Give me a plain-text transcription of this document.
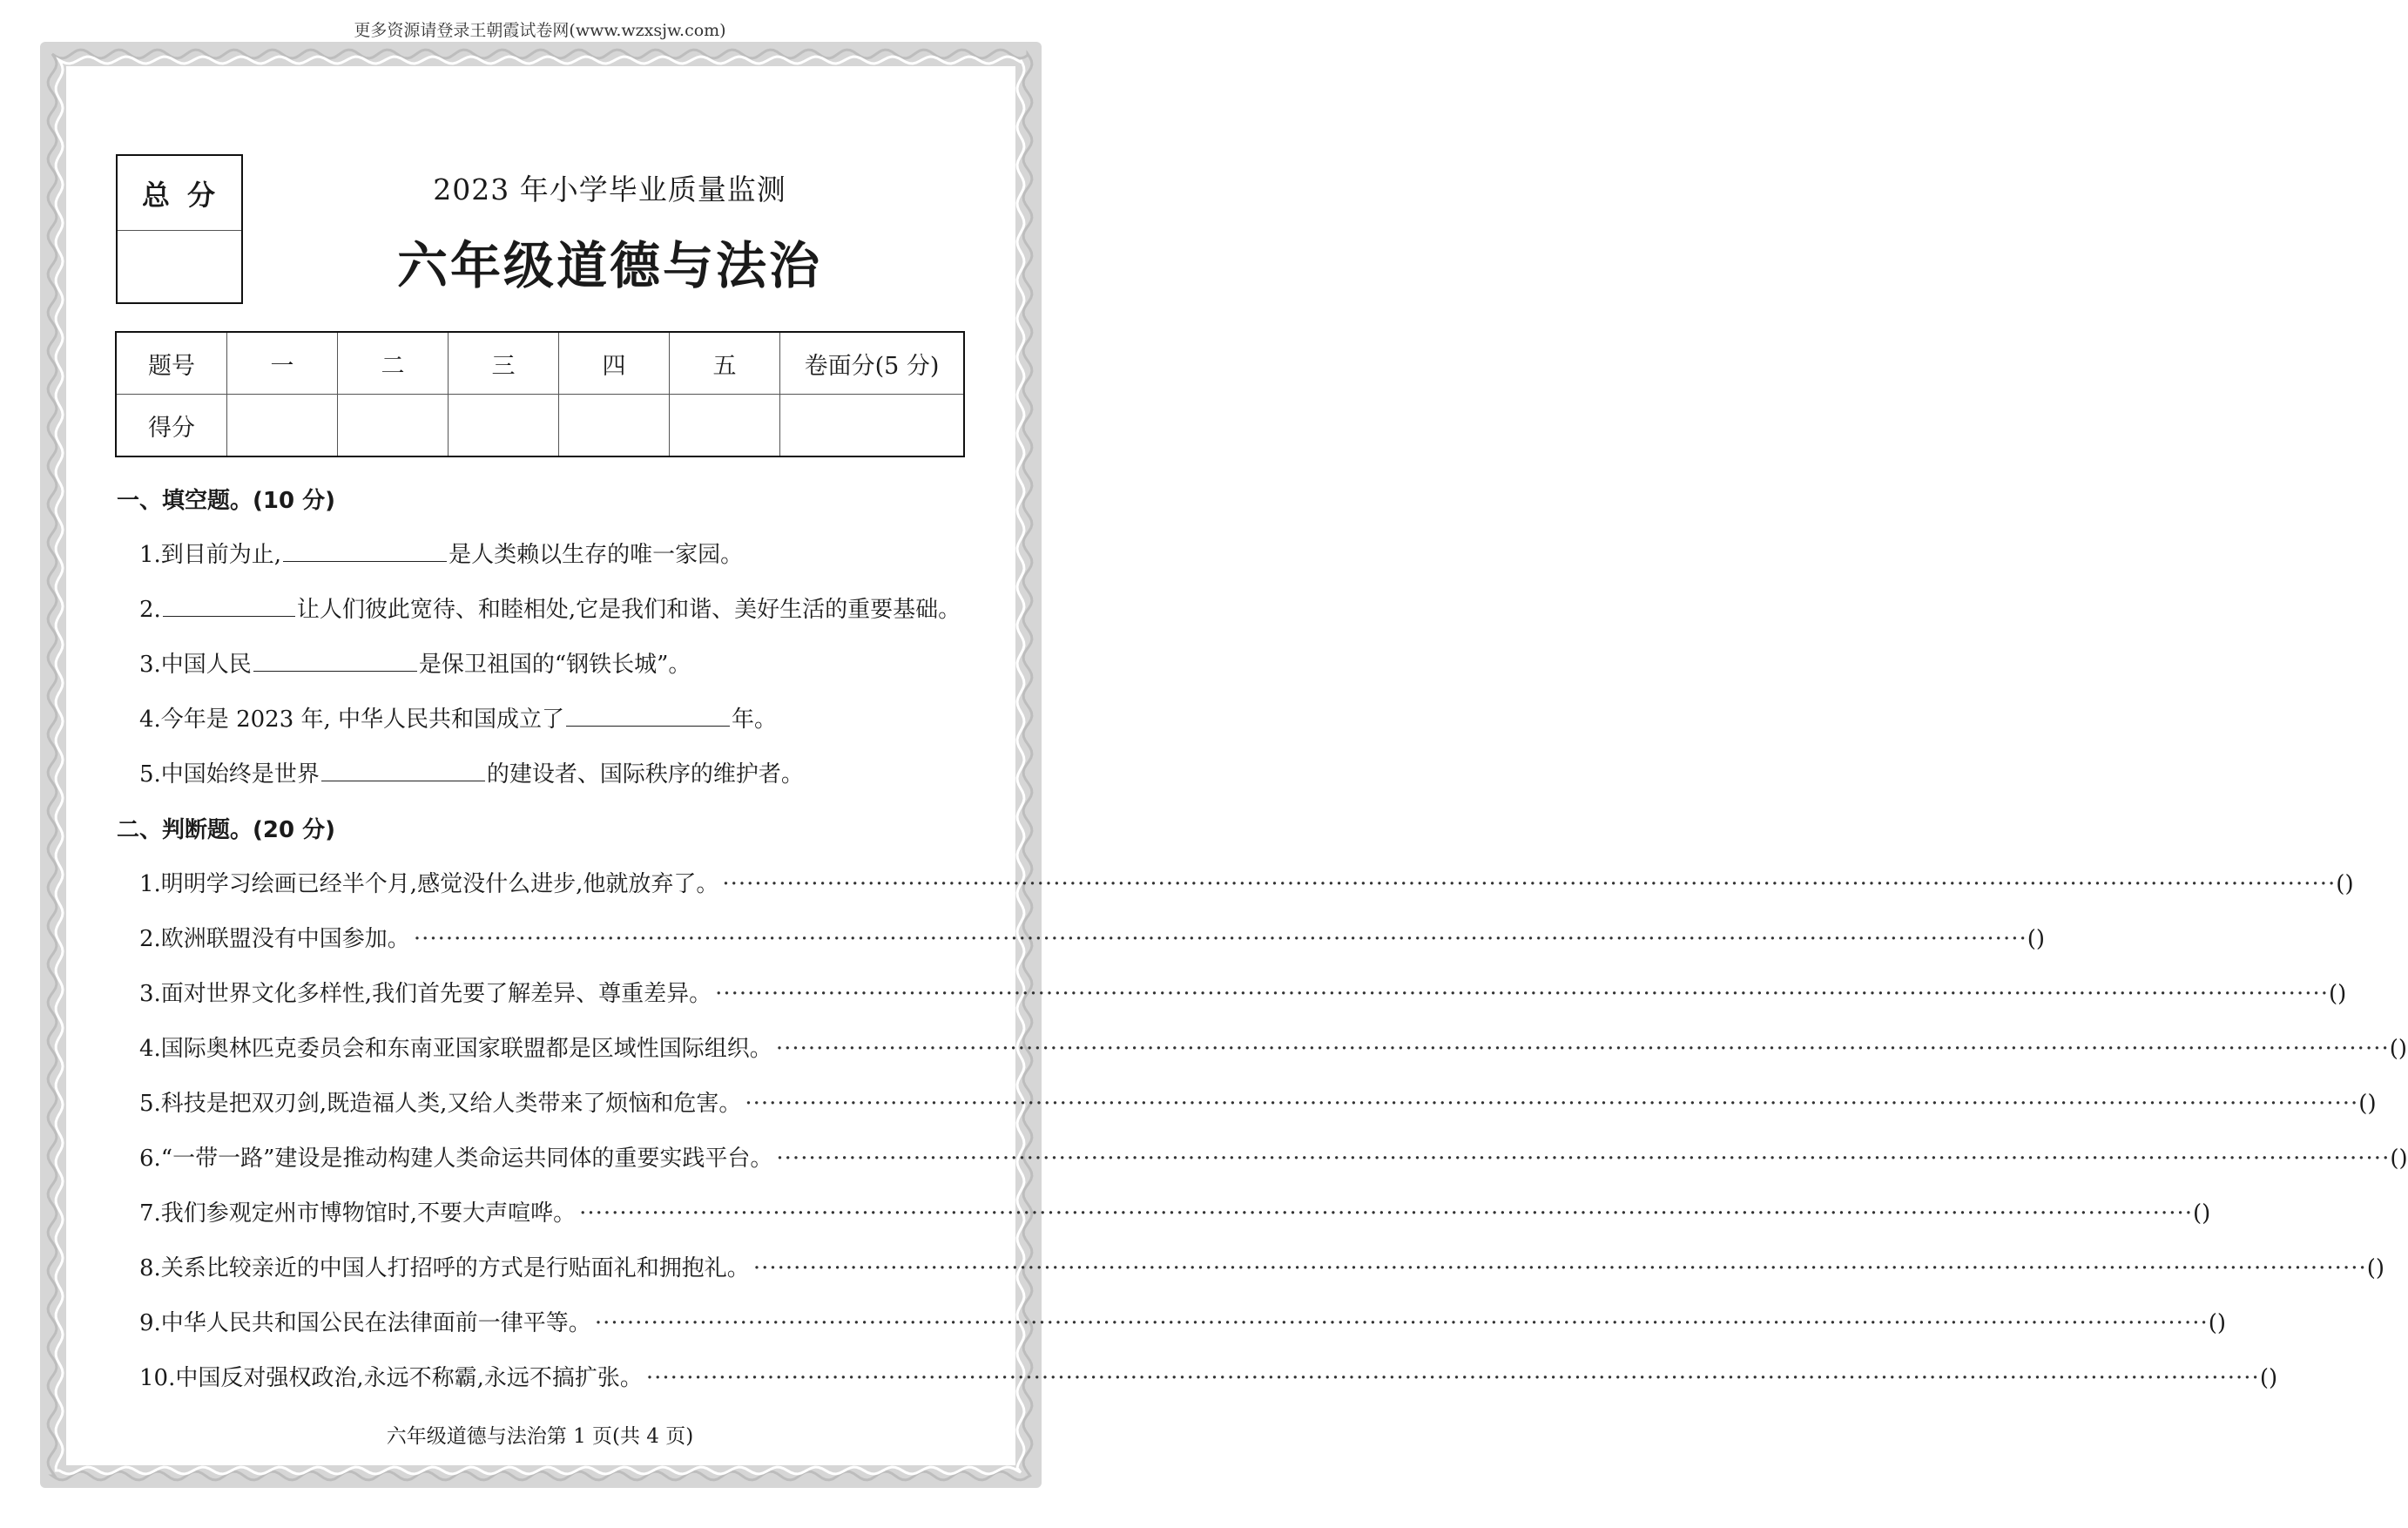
更多资源请登录王朝霞试卷网(www.wzxsjw.com)
总分	2023 年小学毕业质量监测
六年级道德与法治
题号	一	二	三	四	五	卷面分(5 分)
得分						
一、填空题。(10 分)
1.到目前为止,	是人类赖以生存的唯一家园。
2.	让人们彼此宽待、和睦相处,它是我们和谐、美好生活的重要基础。
3.中国人民	是保卫祖国的“钢铁长城”。
4.今年是 2023 年, 中华人民共和国成立了	年。
5.中国始终是世界	的建设者、国际秩序的维护者。
二、判断题。(20 分)
1.明明学习绘画已经半个月,感觉没什么进步,他就放弃了。 ········································································································································································································ ( )
2.欧洲联盟没有中国参加。 ········································································································································································································ ( )
3.面对世界文化多样性,我们首先要了解差异、尊重差异。 ········································································································································································································ ( )
4.国际奥林匹克委员会和东南亚国家联盟都是区域性国际组织。 ········································································································································································································ ( )
5.科技是把双刃剑,既造福人类,又给人类带来了烦恼和危害。 ········································································································································································································ ( )
6.“一带一路”建设是推动构建人类命运共同体的重要实践平台。 ········································································································································································································ ( )
7.我们参观定州市博物馆时,不要大声喧哗。 ········································································································································································································ ( )
8.关系比较亲近的中国人打招呼的方式是行贴面礼和拥抱礼。 ········································································································································································································ ( )
9.中华人民共和国公民在法律面前一律平等。 ········································································································································································································ ( )
10.中国反对强权政治,永远不称霸,永远不搞扩张。 ········································································································································································································ ( )
六年级道德与法治第 1 页(共 4 页)
